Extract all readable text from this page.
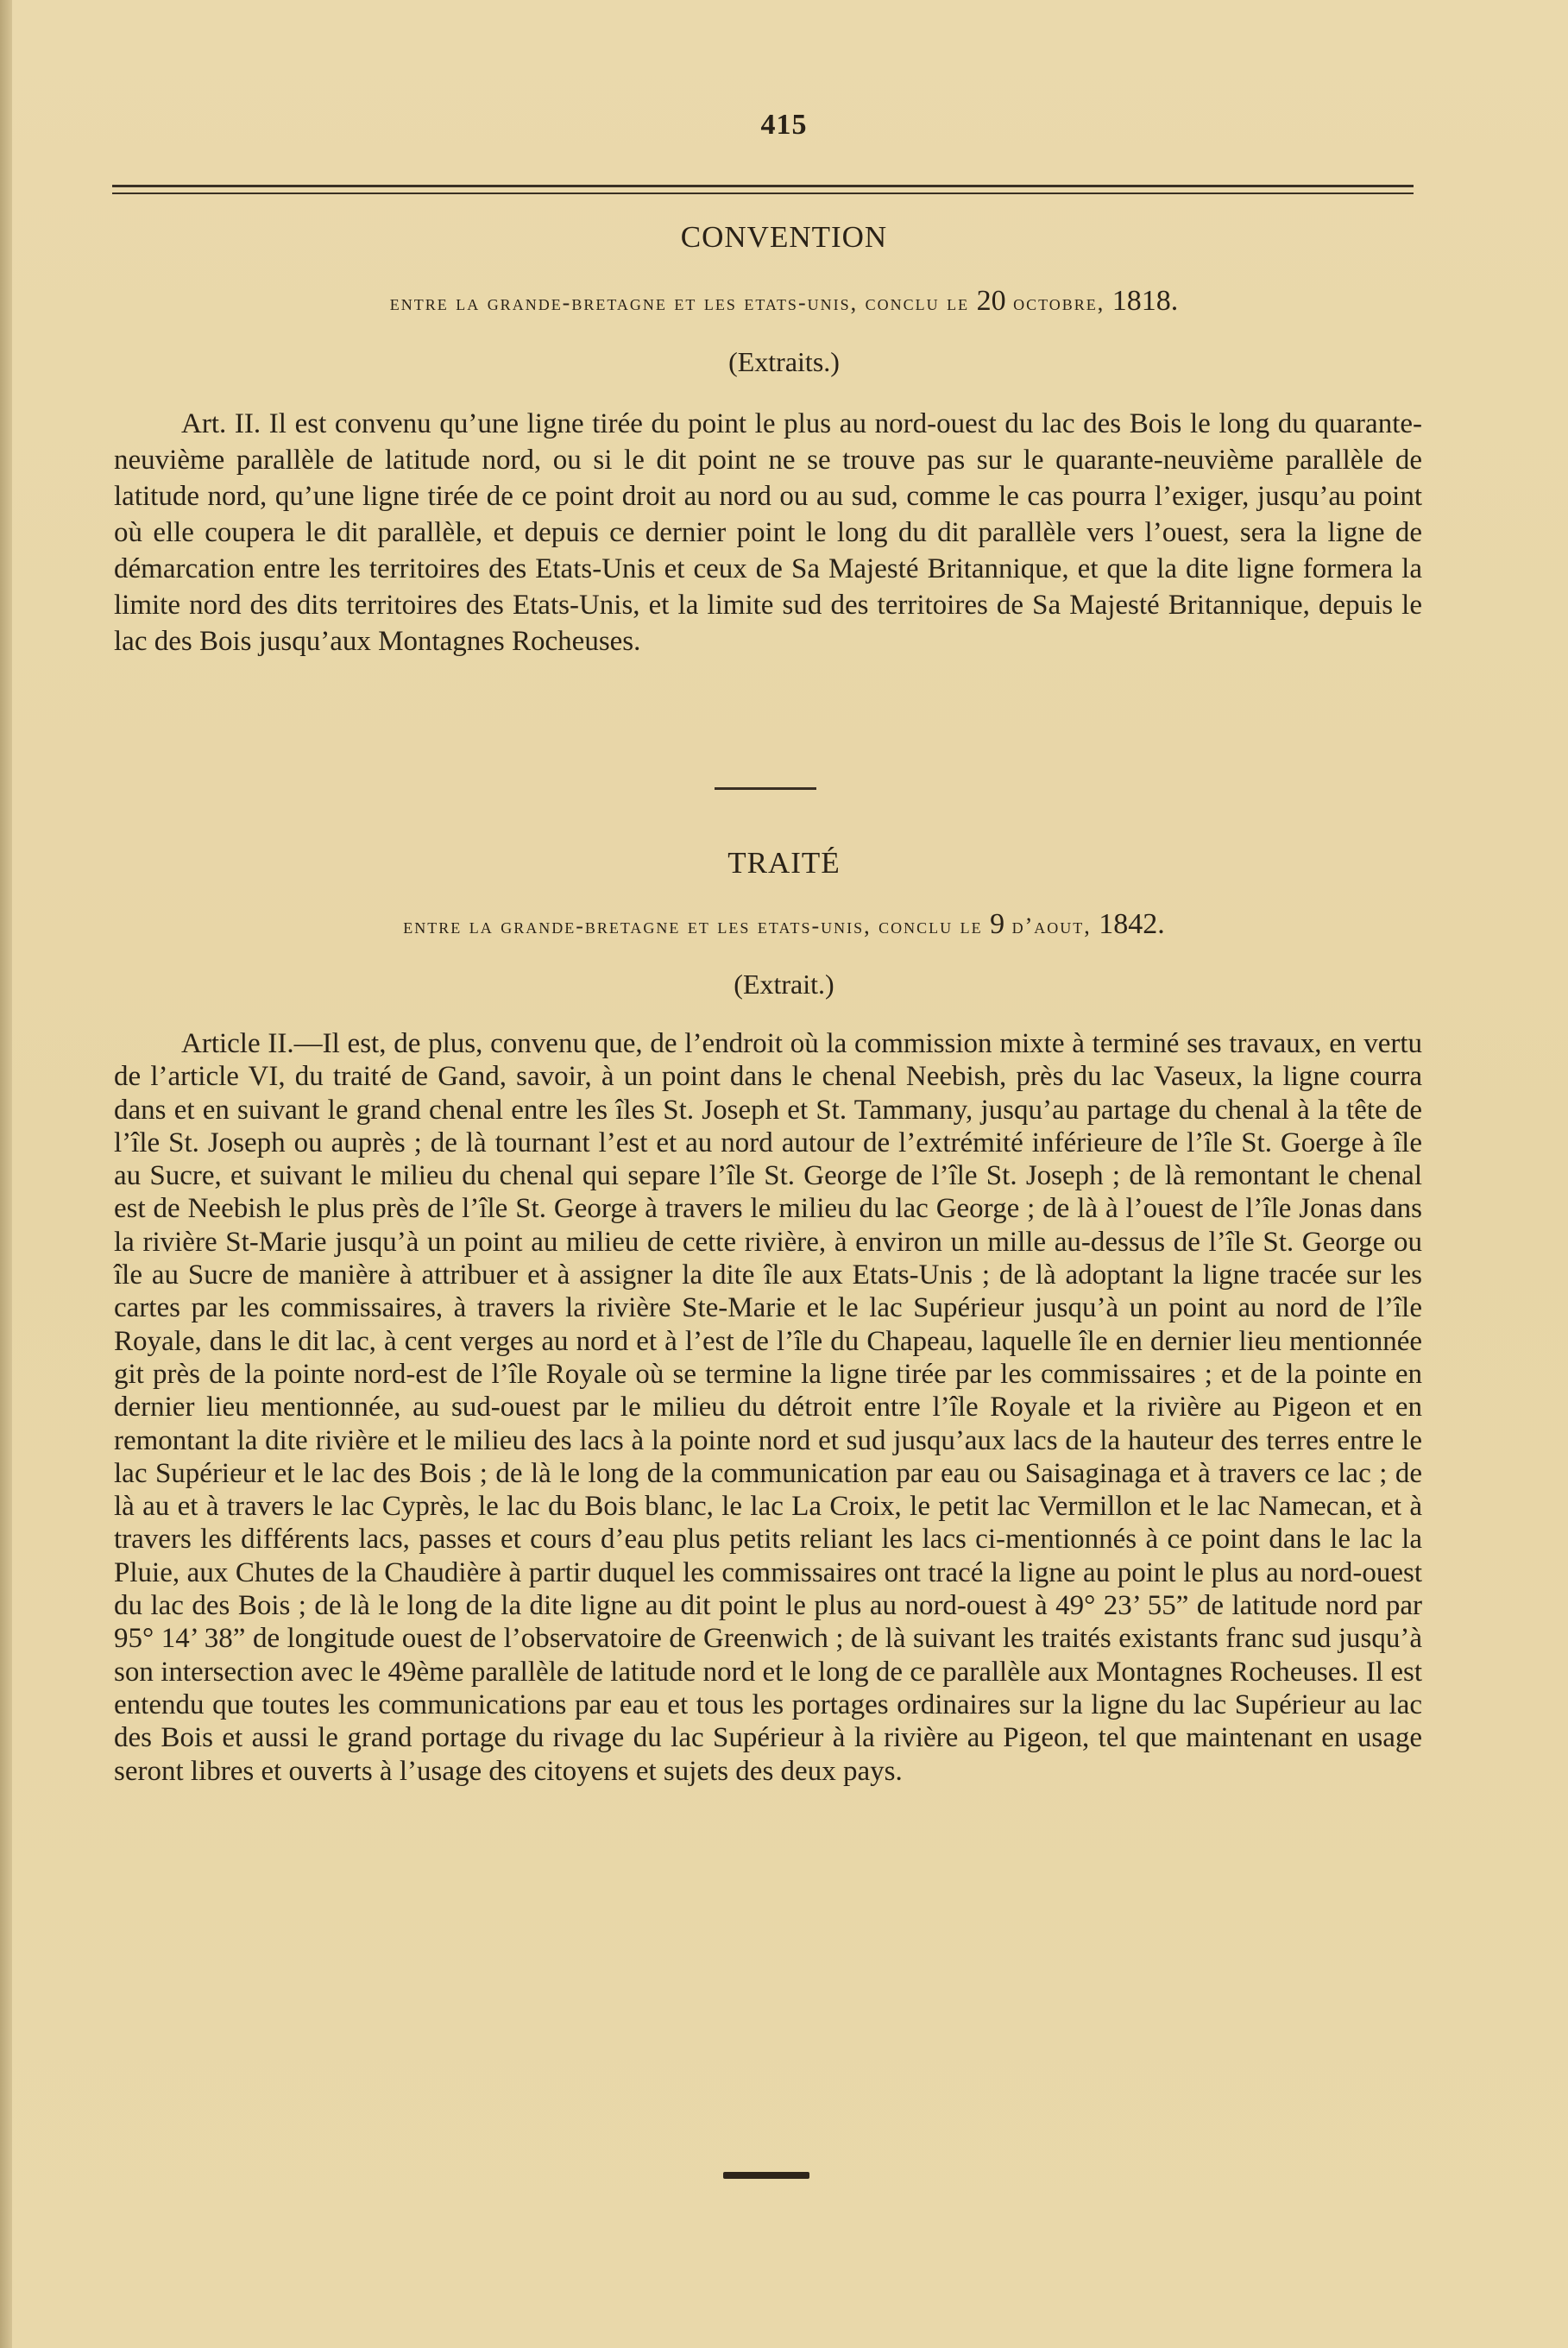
415
CONVENTION
entre la grande-bretagne et les etats-unis, conclu le 20 octobre, 1818.
(Extraits.)

Art. II. Il est convenu qu’une ligne tirée du point le plus au nord-ouest du lac des Bois le long du quarante-neuvième parallèle de latitude nord, ou si le dit point ne se trouve pas sur le quarante-neuvième parallèle de latitude nord, qu’une ligne tirée de ce point droit au nord ou au sud, comme le cas pourra l’exiger, jusqu’au point où elle coupera le dit parallèle, et depuis ce dernier point le long du dit parallèle vers l’ouest, sera la ligne de démarcation entre les territoires des Etats-Unis et ceux de Sa Majesté Britannique, et que la dite ligne formera la limite nord des dits territoires des Etats-Unis, et la limite sud des territoires de Sa Majesté Britannique, depuis le lac des Bois jusqu’aux Montagnes Rocheuses.

TRAITÉ
entre la grande-bretagne et les etats-unis, conclu le 9 d’aout, 1842.
(Extrait.)

Article II.—Il est, de plus, convenu que, de l’endroit où la commission mixte à terminé ses travaux, en vertu de l’article VI, du traité de Gand, savoir, à un point dans le chenal Neebish, près du lac Vaseux, la ligne courra dans et en suivant le grand chenal entre les îles St. Joseph et St. Tammany, jusqu’au partage du chenal à la tête de l’île St. Joseph ou auprès ; de là tournant l’est et au nord autour de l’extrémité inférieure de l’île St. Goerge à île au Sucre, et suivant le milieu du chenal qui separe l’île St. George de l’île St. Joseph ; de là remontant le chenal est de Neebish le plus près de l’île St. George à travers le milieu du lac George ; de là à l’ouest de l’île Jonas dans la rivière St-Marie jusqu’à un point au milieu de cette rivière, à environ un mille au-dessus de l’île St. George ou île au Sucre de manière à attribuer et à assigner la dite île aux Etats-Unis ; de là adoptant la ligne tracée sur les cartes par les commissaires, à travers la rivière Ste-Marie et le lac Supérieur jusqu’à un point au nord de l’île Royale, dans le dit lac, à cent verges au nord et à l’est de l’île du Chapeau, laquelle île en dernier lieu mentionnée git près de la pointe nord-est de l’île Royale où se termine la ligne tirée par les commissaires ; et de la pointe en dernier lieu mentionnée, au sud-ouest par le milieu du détroit entre l’île Royale et la rivière au Pigeon et en remontant la dite rivière et le milieu des lacs à la pointe nord et sud jusqu’aux lacs de la hauteur des terres entre le lac Supérieur et le lac des Bois ; de là le long de la communication par eau ou Saisaginaga et à travers ce lac ; de là au et à travers le lac Cyprès, le lac du Bois blanc, le lac La Croix, le petit lac Vermillon et le lac Namecan, et à travers les différents lacs, passes et cours d’eau plus petits reliant les lacs ci-mentionnés à ce point dans le lac la Pluie, aux Chutes de la Chaudière à partir duquel les commissaires ont tracé la ligne au point le plus au nord-ouest du lac des Bois ; de là le long de la dite ligne au dit point le plus au nord-ouest à 49° 23’ 55” de latitude nord par 95° 14’ 38” de longitude ouest de l’observatoire de Greenwich ; de là suivant les traités existants franc sud jusqu’à son intersection avec le 49ème parallèle de latitude nord et le long de ce parallèle aux Montagnes Rocheuses. Il est entendu que toutes les communications par eau et tous les portages ordinaires sur la ligne du lac Supérieur au lac des Bois et aussi le grand portage du rivage du lac Supérieur à la rivière au Pigeon, tel que maintenant en usage seront libres et ouverts à l’usage des citoyens et sujets des deux pays.
